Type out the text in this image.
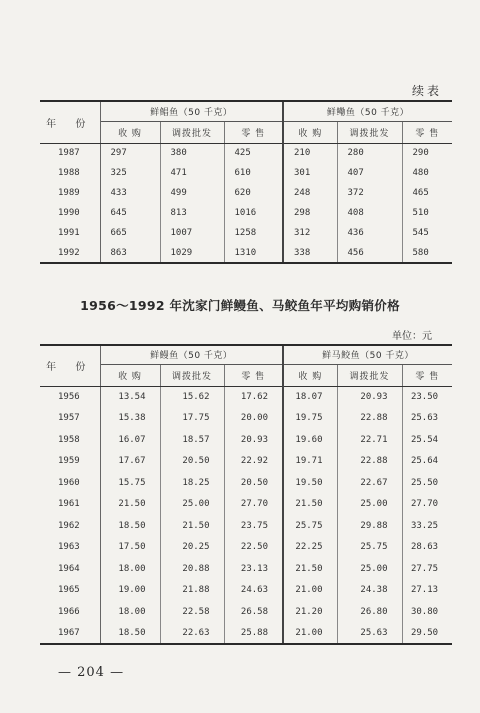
续表
年 份	鲜鲳鱼（50 千克）			鲜鳓鱼（50 千克）		
	收 购	调拨批发	零 售	收 购	调拨批发	零 售
1987	297	380	425	210	280	290
1988	325	471	610	301	407	480
1989	433	499	620	248	372	465
1990	645	813	1016	298	408	510
1991	665	1007	1258	312	436	545
1992	863	1029	1310	338	456	580
1956～1992 年沈家门鲜鳗鱼、马鲛鱼年平均购销价格
单位：元
年 份	鲜鳗鱼（50 千克）			鲜马鲛鱼（50 千克）		
	收 购	调拨批发	零 售	收 购	调拨批发	零 售
1956	13.54	15.62	17.62	18.07	20.93	23.50
1957	15.38	17.75	20.00	19.75	22.88	25.63
1958	16.07	18.57	20.93	19.60	22.71	25.54
1959	17.67	20.50	22.92	19.71	22.88	25.64
1960	15.75	18.25	20.50	19.50	22.67	25.50
1961	21.50	25.00	27.70	21.50	25.00	27.70
1962	18.50	21.50	23.75	25.75	29.88	33.25
1963	17.50	20.25	22.50	22.25	25.75	28.63
1964	18.00	20.88	23.13	21.50	25.00	27.75
1965	19.00	21.88	24.63	21.00	24.38	27.13
1966	18.00	22.58	26.58	21.20	26.80	30.80
1967	18.50	22.63	25.88	21.00	25.63	29.50
— 204 —
